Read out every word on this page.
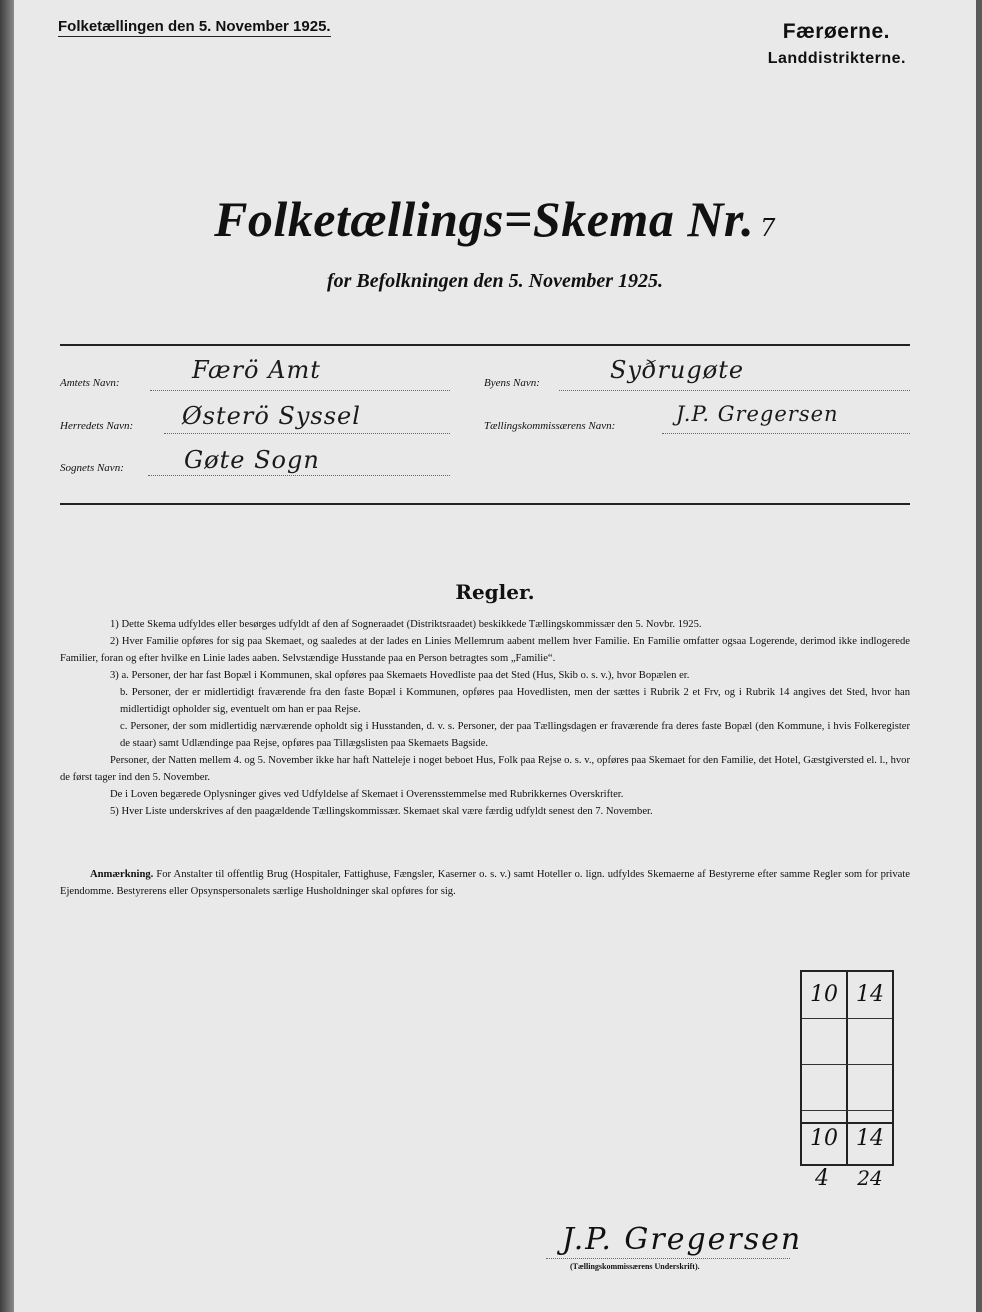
Folketællingen den 5. November 1925.	Færøerne.
Landdistrikterne.
Folketællings=Skema Nr. 7
for Befolkningen den 5. November 1925.
Amtets Navn:	Færö Amt
Herredets Navn: Østerö Syssel
Sognets Navn:	Gøte Sogn
Byens Navn:	Syðrugøte
Tællingskommissærens Navn:	J.P. Gregersen
Regler.

1) Dette Skema udfyldes eller besørges udfyldt af den af Sogneraadet (Distriktsraadet) beskikkede Tællingskommissær den 5. Novbr. 1925.

2) Hver Familie opføres for sig paa Skemaet, og saaledes at der lades en Linies Mellemrum aabent mellem hver Familie. En Familie omfatter ogsaa Logerende, derimod ikke indlogerede Familier, foran og efter hvilke en Linie lades aaben. Selvstændige Husstande paa en Person betragtes som „Familie“.

3) a. Personer, der har fast Bopæl i Kommunen, skal opføres paa Skemaets Hovedliste paa det Sted (Hus, Skib o. s. v.), hvor Bopælen er.

b. Personer, der er midlertidigt fraværende fra den faste Bopæl i Kommunen, opføres paa Hovedlisten, men der sættes i Rubrik 2 et Frv, og i Rubrik 14 angives det Sted, hvor han midlertidigt opholder sig, eventuelt om han er paa Rejse.

c. Personer, der som midlertidig nærværende opholdt sig i Husstanden, d. v. s. Personer, der paa Tællingsdagen er fraværende fra deres faste Bopæl (den Kommune, i hvis Folkeregister de staar) samt Udlændinge paa Rejse, opføres paa Tillægslisten paa Skemaets Bagside.

Personer, der Natten mellem 4. og 5. November ikke har haft Natteleje i noget beboet Hus, Folk paa Rejse o. s. v., opføres paa Skemaet for den Familie, det Hotel, Gæstgiversted el. l., hvor de først tager ind den 5. November.

De i Loven begærede Oplysninger gives ved Udfyldelse af Skemaet i Overensstemmelse med Rubrikkernes Overskrifter.

5) Hver Liste underskrives af den paagældende Tællingskommissær. Skemaet skal være færdig udfyldt senest den 7. November.

Anmærkning. For Anstalter til offentlig Brug (Hospitaler, Fattighuse, Fængsler, Kaserner o. s. v.) samt Hoteller o. lign. udfyldes Skemaerne af Bestyrerne efter samme Regler som for private Ejendomme. Bestyrerens eller Opsynspersonalets særlige Husholdninger skal opføres for sig.
10 14
10 14
4	24
J.P. Gregersen
(Tællingskommissærens Underskrift).
